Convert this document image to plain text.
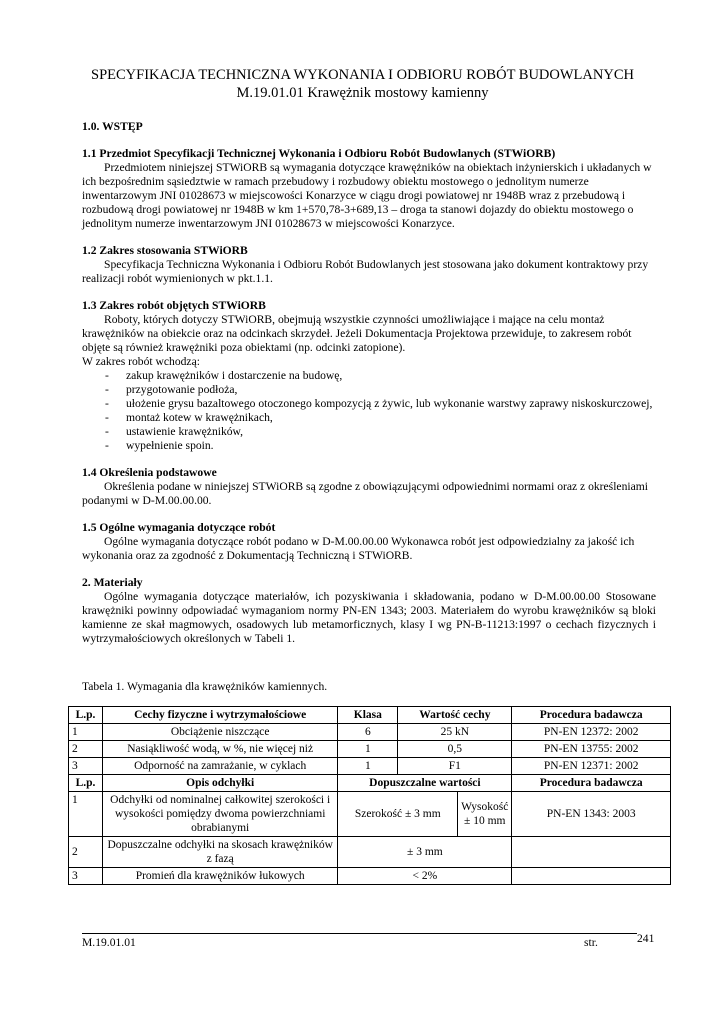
SPECYFIKACJA TECHNICZNA WYKONANIA I ODBIORU ROBÓT BUDOWLANYCH
M.19.01.01 Krawężnik mostowy kamienny

1.0. WSTĘP

1.1 Przedmiot Specyfikacji Technicznej Wykonania i Odbioru Robót Budowlanych (STWiORB)

Przedmiotem niniejszej STWiORB są wymagania dotyczące krawężników na obiektach inżynierskich i układanych w ich bezpośrednim sąsiedztwie w ramach przebudowy i rozbudowy obiektu mostowego o jednolitym numerze inwentarzowym JNI 01028673 w miejscowości Konarzyce w ciągu drogi powiatowej nr 1948B wraz z przebudową i rozbudową drogi powiatowej nr 1948B w km 1+570,78-3+689,13 – droga ta stanowi dojazdy do obiektu mostowego o jednolitym numerze inwentarzowym JNI 01028673 w miejscowości Konarzyce.

1.2 Zakres stosowania STWiORB

Specyfikacja Techniczna Wykonania i Odbioru Robót Budowlanych jest stosowana jako dokument kontraktowy przy realizacji robót wymienionych w pkt.1.1.

1.3 Zakres robót objętych STWiORB

Roboty, których dotyczy STWiORB, obejmują wszystkie czynności umożliwiające i mające na celu montaż krawężników na obiekcie oraz na odcinkach skrzydeł. Jeżeli Dokumentacja Projektowa przewiduje, to zakresem robót objęte są również krawężniki poza obiektami (np. odcinki zatopione).

W zakres robót wchodzą:

- zakup krawężników i dostarczenie na budowę,
- przygotowanie podłoża,
- ułożenie grysu bazaltowego otoczonego kompozycją z żywic, lub wykonanie warstwy zaprawy niskoskurczowej,
- montaż kotew w krawężnikach,
- ustawienie krawężników,
- wypełnienie spoin.

1.4 Określenia podstawowe

Określenia podane w niniejszej STWiORB są zgodne z obowiązującymi odpowiednimi normami oraz z określeniami podanymi w D-M.00.00.00.

1.5 Ogólne wymagania dotyczące robót

Ogólne wymagania dotyczące robót podano w D-M.00.00.00 Wykonawca robót jest odpowiedzialny za jakość ich wykonania oraz za zgodność z Dokumentacją Techniczną i STWiORB.

2. Materiały

Ogólne wymagania dotyczące materiałów, ich pozyskiwania i składowania, podano w D-M.00.00.00 Stosowane krawężniki powinny odpowiadać wymaganiom normy PN-EN 1343; 2003. Materiałem do wyrobu krawężników są bloki kamienne ze skał magmowych, osadowych lub metamorficznych, klasy I wg PN-B-11213:1997 o cechach fizycznych i wytrzymałościowych określonych w Tabeli 1.

Tabela 1. Wymagania dla krawężników kamiennych.
L.p.	Cechy fizyczne i wytrzymałościowe	Klasa	Wartość cechy		Procedura badawcza
1	Obciążenie niszczące	6	25 kN		PN-EN 12372: 2002
2	Nasiąkliwość wodą, w %, nie więcej niż	1	0,5		PN-EN 13755: 2002
3	Odporność na zamrażanie, w cyklach	1	F1		PN-EN 12371: 2002
L.p.	Opis odchyłki	Dopuszczalne wartości			Procedura badawcza
1	Odchyłki od nominalnej całkowitej szerokości i wysokości pomiędzy dwoma powierzchniami obrabianymi	Szerokość ± 3 mm		Wysokość ± 10 mm	PN-EN 1343: 2003
2	Dopuszczalne odchyłki na skosach krawężników z fazą	± 3 mm			
3	Promień dla krawężników łukowych	< 2%			
M.19.01.01	str.	241
